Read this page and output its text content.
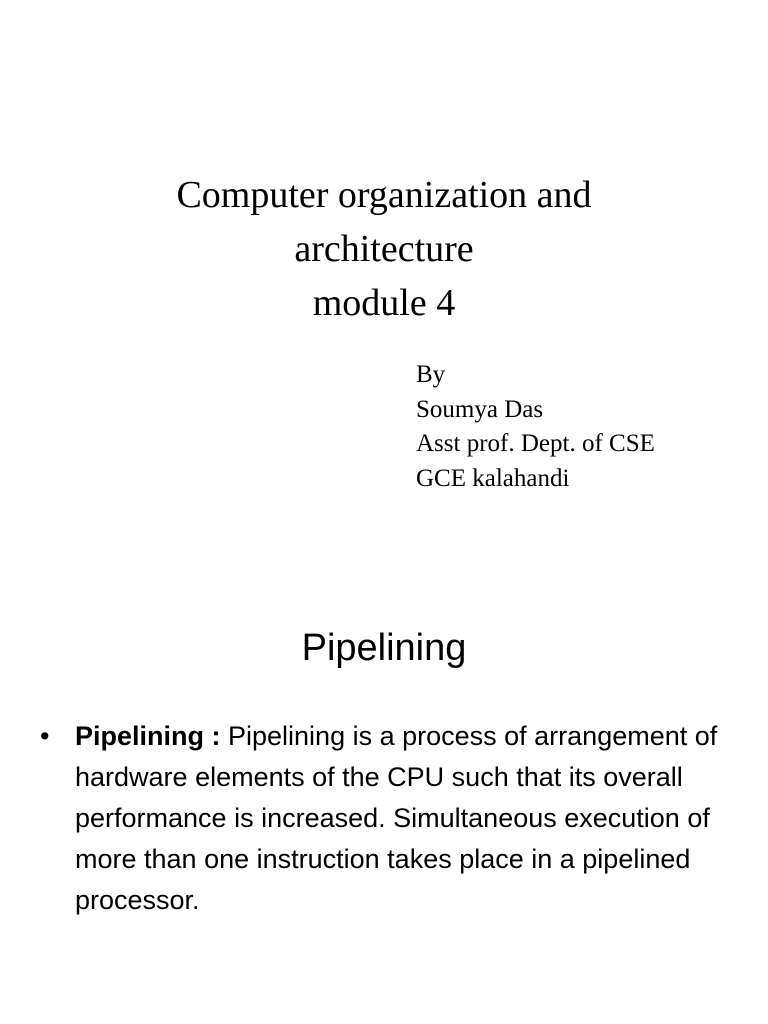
Computer organization and
architecture
module 4
By
Soumya Das
Asst prof. Dept. of CSE
GCE kalahandi
Pipelining
• Pipelining : Pipelining is a process of arrangement of hardware elements of the CPU such that its overall performance is increased. Simultaneous execution of more than one instruction takes place in a pipelined processor.
